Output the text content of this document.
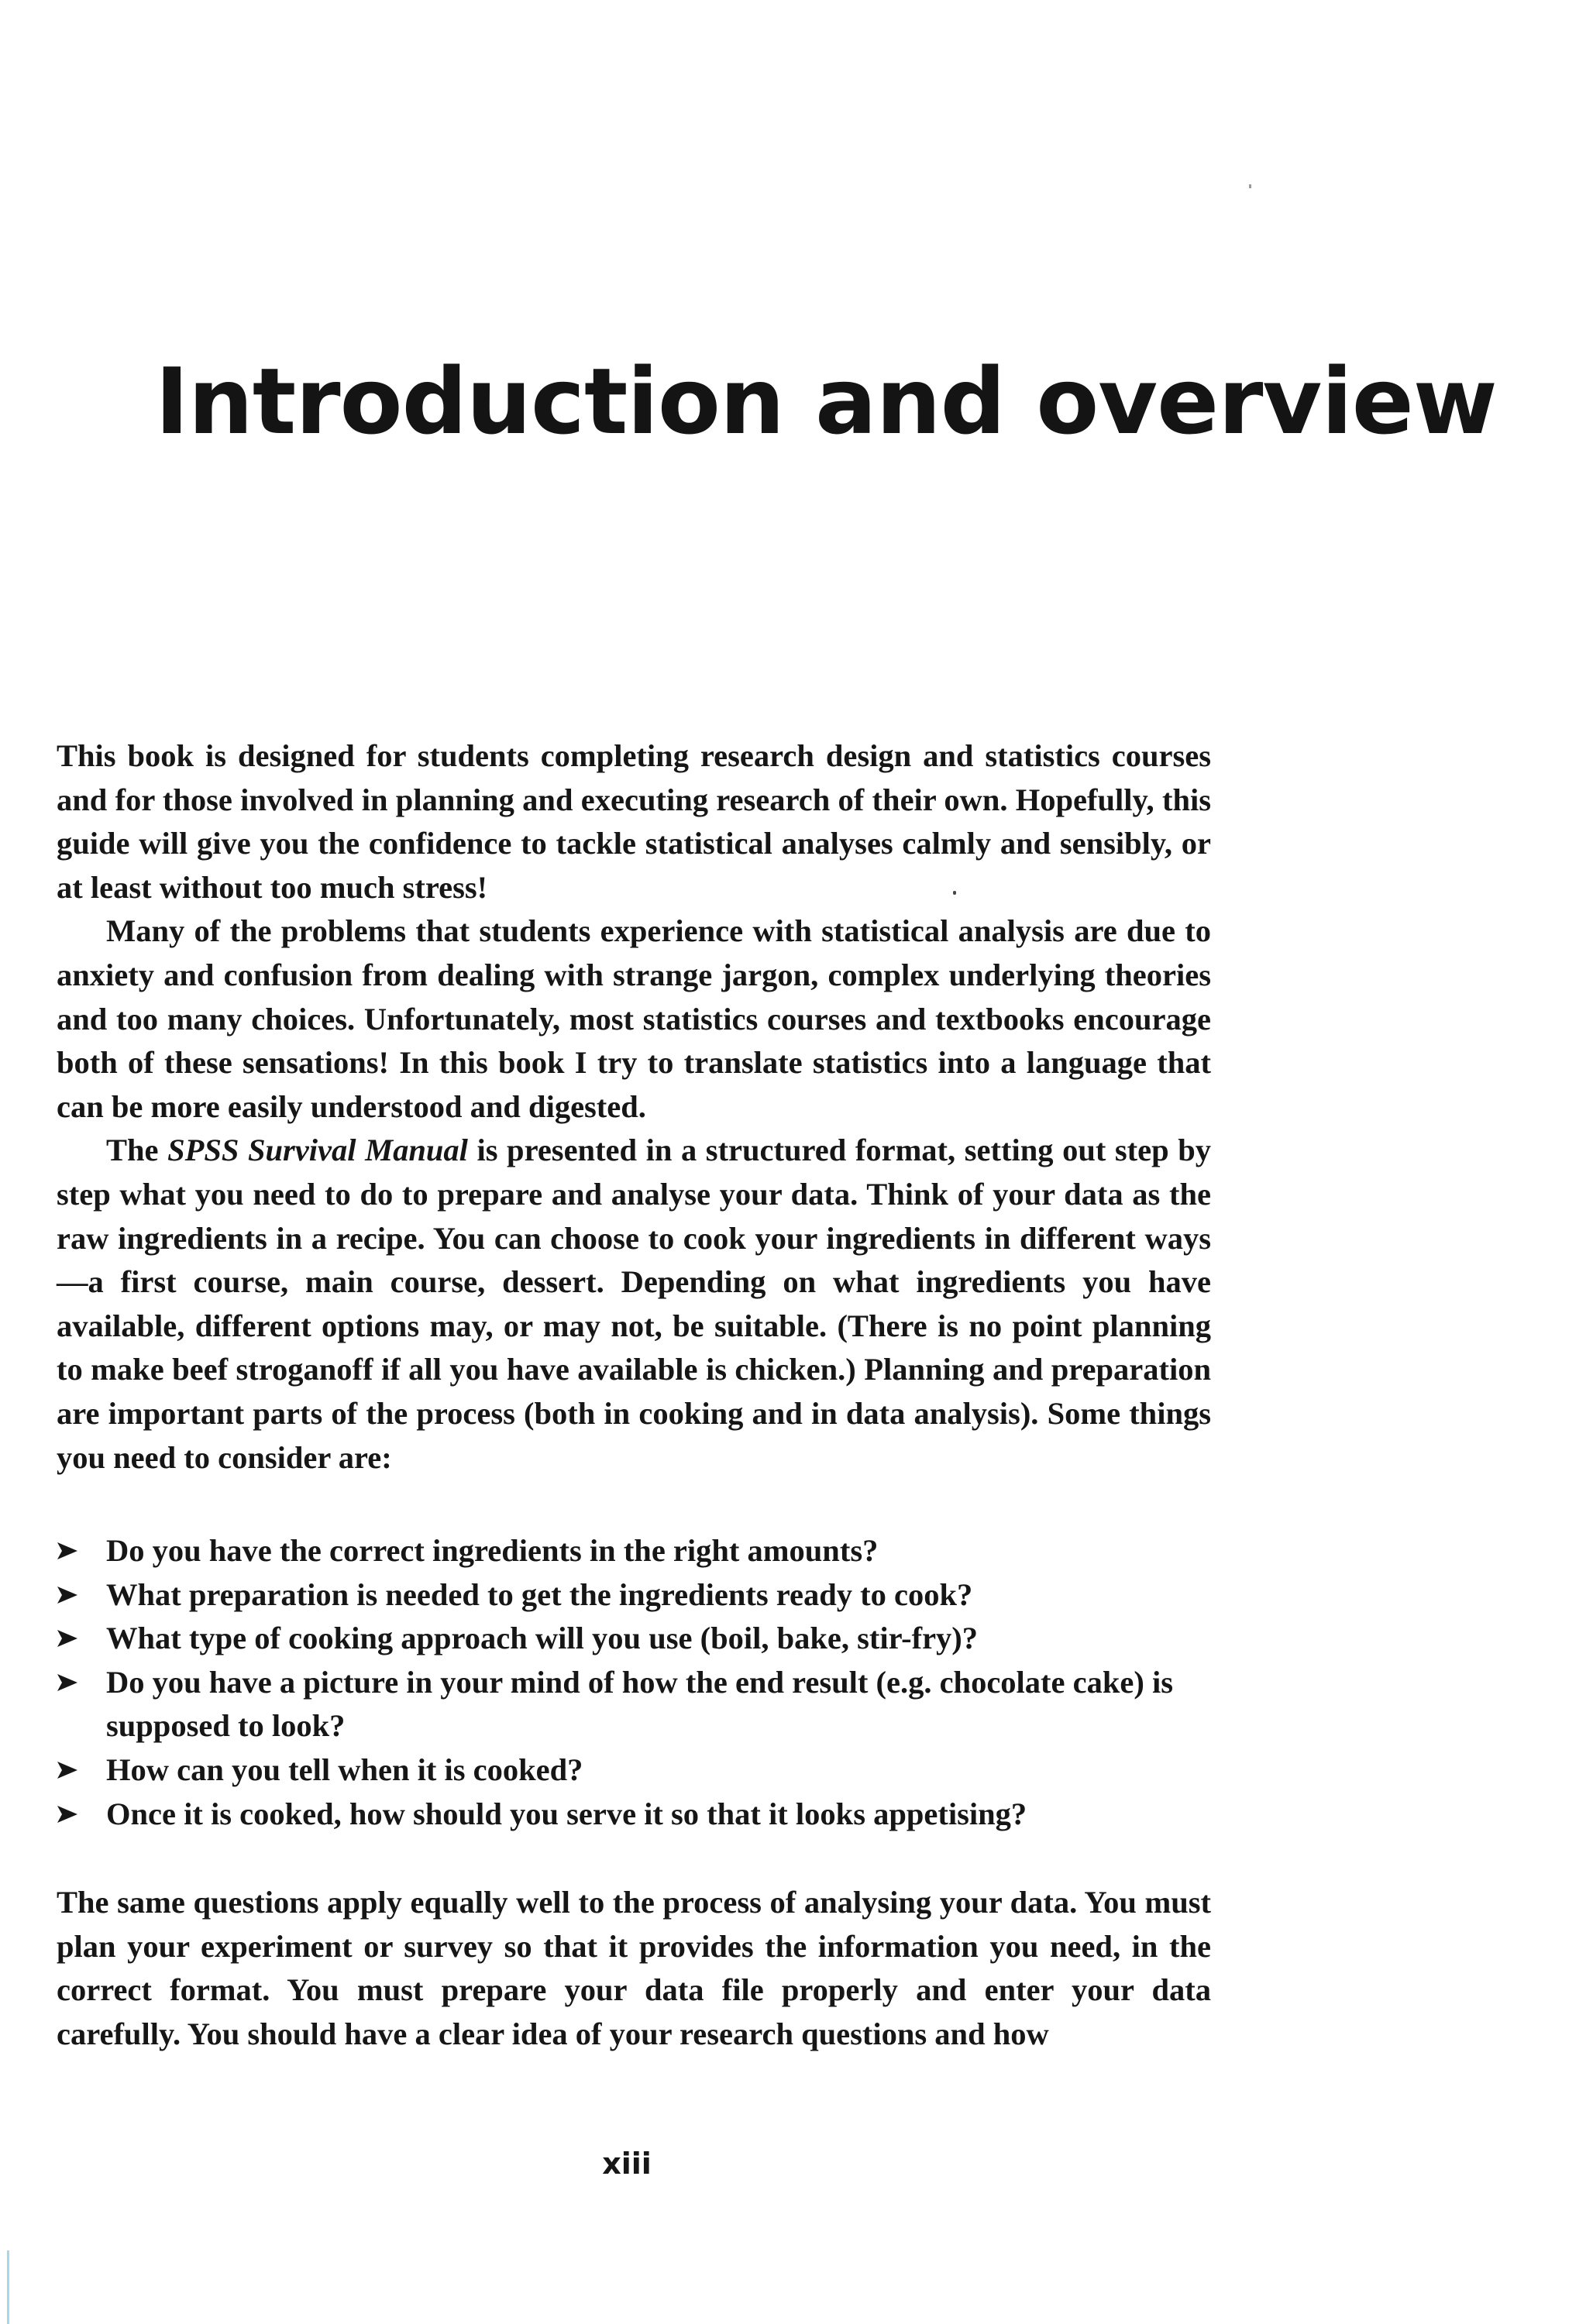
Introduction and overview

This book is designed for students completing research design and statistics courses and for those involved in planning and executing research of their own. Hopefully, this guide will give you the confidence to tackle statistical analyses calmly and sensibly, or at least without too much stress!

Many of the problems that students experience with statistical analysis are due to anxiety and confusion from dealing with strange jargon, complex underlying theories and too many choices. Unfortunately, most statistics courses and textbooks encourage both of these sensations! In this book I try to translate statistics into a language that can be more easily understood and digested.

The SPSS Survival Manual is presented in a structured format, setting out step by step what you need to do to prepare and analyse your data. Think of your data as the raw ingredients in a recipe. You can choose to cook your ingredients in different ways—a first course, main course, dessert. Depending on what ingredients you have available, different options may, or may not, be suitable. (There is no point planning to make beef stroganoff if all you have available is chicken.) Planning and preparation are important parts of the process (both in cooking and in data analysis). Some things you need to consider are:

Do you have the correct ingredients in the right amounts?
What preparation is needed to get the ingredients ready to cook?
What type of cooking approach will you use (boil, bake, stir-fry)?
Do you have a picture in your mind of how the end result (e.g. chocolate cake) is supposed to look?
How can you tell when it is cooked?
Once it is cooked, how should you serve it so that it looks appetising?

The same questions apply equally well to the process of analysing your data. You must plan your experiment or survey so that it provides the information you need, in the correct format. You must prepare your data file properly and enter your data carefully. You should have a clear idea of your research questions and how

xiii
